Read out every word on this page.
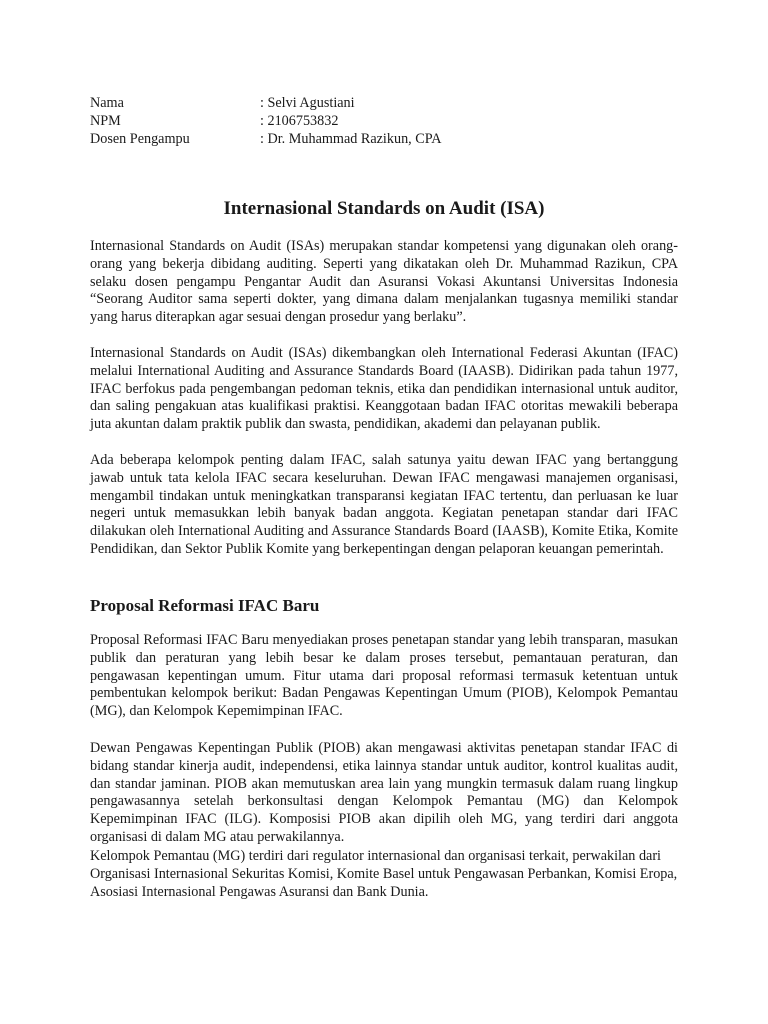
Nama	: Selvi Agustiani
NPM	: 2106753832
Dosen Pengampu	: Dr. Muhammad Razikun, CPA
Internasional Standards on Audit (ISA)

Internasional Standards on Audit (ISAs) merupakan standar kompetensi yang digunakan oleh orang-orang yang bekerja dibidang auditing. Seperti yang dikatakan oleh Dr. Muhammad Razikun, CPA selaku dosen pengampu Pengantar Audit dan Asuransi Vokasi Akuntansi Universitas Indonesia “Seorang Auditor sama seperti dokter, yang dimana dalam menjalankan tugasnya memiliki standar yang harus diterapkan agar sesuai dengan prosedur yang berlaku”.

Internasional Standards on Audit (ISAs) dikembangkan oleh International Federasi Akuntan (IFAC) melalui International Auditing and Assurance Standards Board (IAASB). Didirikan pada tahun 1977, IFAC berfokus pada pengembangan pedoman teknis, etika dan pendidikan internasional untuk auditor, dan saling pengakuan atas kualifikasi praktisi. Keanggotaan badan IFAC otoritas mewakili beberapa juta akuntan dalam praktik publik dan swasta, pendidikan, akademi dan pelayanan publik.

Ada beberapa kelompok penting dalam IFAC, salah satunya yaitu dewan IFAC yang bertanggung jawab untuk tata kelola IFAC secara keseluruhan. Dewan IFAC mengawasi manajemen organisasi, mengambil tindakan untuk meningkatkan transparansi kegiatan IFAC tertentu, dan perluasan ke luar negeri untuk memasukkan lebih banyak badan anggota. Kegiatan penetapan standar dari IFAC dilakukan oleh International Auditing and Assurance Standards Board (IAASB), Komite Etika, Komite Pendidikan, dan Sektor Publik Komite yang berkepentingan dengan pelaporan keuangan pemerintah.

Proposal Reformasi IFAC Baru

Proposal Reformasi IFAC Baru menyediakan proses penetapan standar yang lebih transparan, masukan publik dan peraturan yang lebih besar ke dalam proses tersebut, pemantauan peraturan, dan pengawasan kepentingan umum. Fitur utama dari proposal reformasi termasuk ketentuan untuk pembentukan kelompok berikut: Badan Pengawas Kepentingan Umum (PIOB), Kelompok Pemantau (MG), dan Kelompok Kepemimpinan IFAC.

Dewan Pengawas Kepentingan Publik (PIOB) akan mengawasi aktivitas penetapan standar IFAC di bidang standar kinerja audit, independensi, etika lainnya standar untuk auditor, kontrol kualitas audit, dan standar jaminan. PIOB akan memutuskan area lain yang mungkin termasuk dalam ruang lingkup pengawasannya setelah berkonsultasi dengan Kelompok Pemantau (MG) dan Kelompok Kepemimpinan IFAC (ILG). Komposisi PIOB akan dipilih oleh MG, yang terdiri dari anggota organisasi di dalam MG atau perwakilannya.

Kelompok Pemantau (MG) terdiri dari regulator internasional dan organisasi terkait, perwakilan dari Organisasi Internasional Sekuritas Komisi, Komite Basel untuk Pengawasan Perbankan, Komisi Eropa, Asosiasi Internasional Pengawas Asuransi dan Bank Dunia.
